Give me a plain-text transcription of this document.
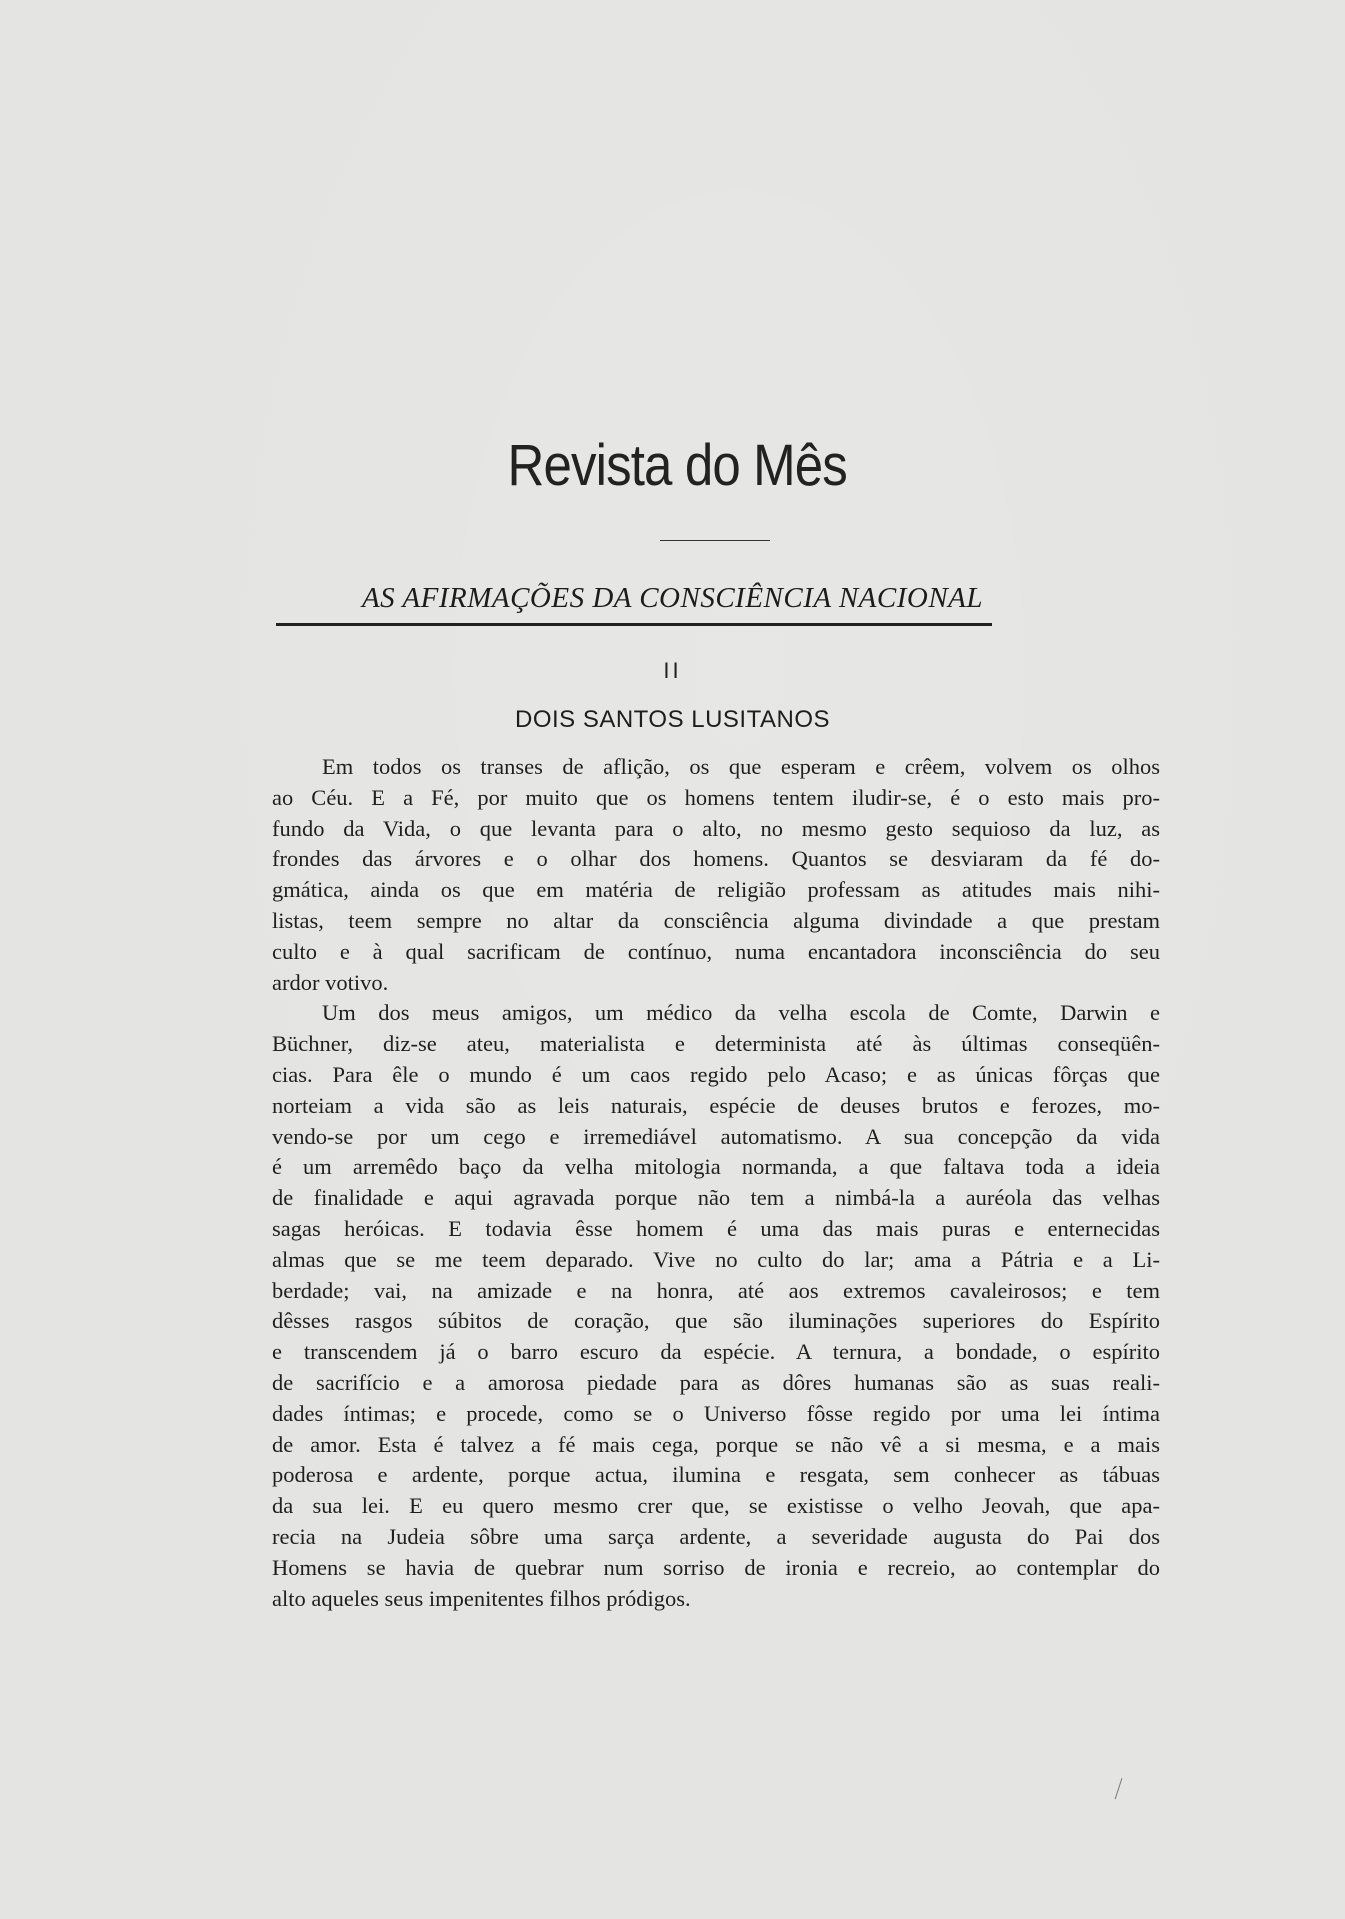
Revista do Mês
AS AFIRMAÇÕES DA CONSCIÊNCIA NACIONAL
II
DOIS SANTOS LUSITANOS
Em todos os transes de aflição, os que esperam e crêem, volvem os olhos
ao Céu. E a Fé, por muito que os homens tentem iludir-se, é o esto mais pro-
fundo da Vida, o que levanta para o alto, no mesmo gesto sequioso da luz, as
frondes das árvores e o olhar dos homens. Quantos se desviaram da fé do-
gmática, ainda os que em matéria de religião professam as atitudes mais nihi-
listas, teem sempre no altar da consciência alguma divindade a que prestam
culto e à qual sacrificam de contínuo, numa encantadora inconsciência do seu
ardor votivo.
Um dos meus amigos, um médico da velha escola de Comte, Darwin e
Büchner, diz-se ateu, materialista e determinista até às últimas conseqüên-
cias. Para êle o mundo é um caos regido pelo Acaso; e as únicas fôrças que
norteiam a vida são as leis naturais, espécie de deuses brutos e ferozes, mo-
vendo-se por um cego e irremediável automatismo. A sua concepção da vida
é um arremêdo baço da velha mitologia normanda, a que faltava toda a ideia
de finalidade e aqui agravada porque não tem a nimbá-la a auréola das velhas
sagas heróicas. E todavia êsse homem é uma das mais puras e enternecidas
almas que se me teem deparado. Vive no culto do lar; ama a Pátria e a Li-
berdade; vai, na amizade e na honra, até aos extremos cavaleirosos; e tem
dêsses rasgos súbitos de coração, que são iluminações superiores do Espírito
e transcendem já o barro escuro da espécie. A ternura, a bondade, o espírito
de sacrifício e a amorosa piedade para as dôres humanas são as suas reali-
dades íntimas; e procede, como se o Universo fôsse regido por uma lei íntima
de amor. Esta é talvez a fé mais cega, porque se não vê a si mesma, e a mais
poderosa e ardente, porque actua, ilumina e resgata, sem conhecer as tábuas
da sua lei. E eu quero mesmo crer que, se existisse o velho Jeovah, que apa-
recia na Judeia sôbre uma sarça ardente, a severidade augusta do Pai dos
Homens se havia de quebrar num sorriso de ironia e recreio, ao contemplar do
alto aqueles seus impenitentes filhos pródigos.
